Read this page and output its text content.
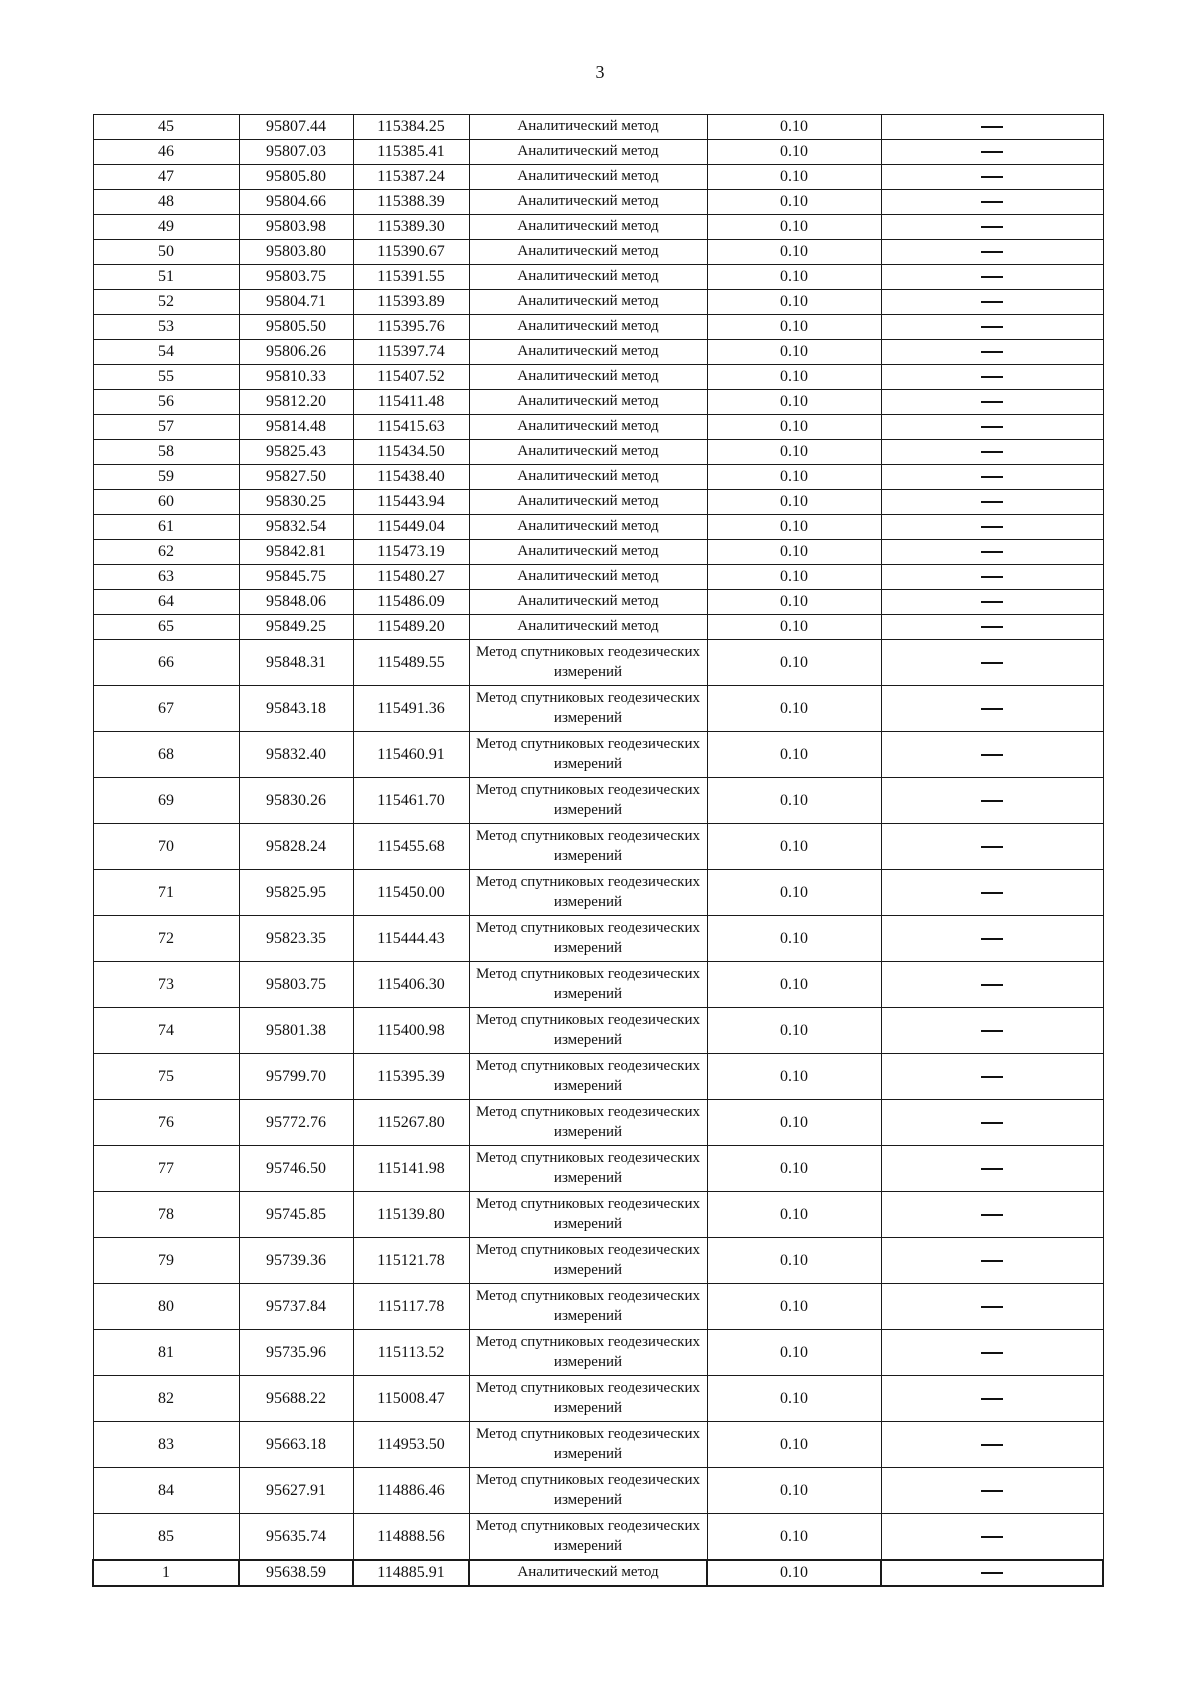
3
45	95807.44	115384.25	Аналитический метод	0.10	
46	95807.03	115385.41	Аналитический метод	0.10	
47	95805.80	115387.24	Аналитический метод	0.10	
48	95804.66	115388.39	Аналитический метод	0.10	
49	95803.98	115389.30	Аналитический метод	0.10	
50	95803.80	115390.67	Аналитический метод	0.10	
51	95803.75	115391.55	Аналитический метод	0.10	
52	95804.71	115393.89	Аналитический метод	0.10	
53	95805.50	115395.76	Аналитический метод	0.10	
54	95806.26	115397.74	Аналитический метод	0.10	
55	95810.33	115407.52	Аналитический метод	0.10	
56	95812.20	115411.48	Аналитический метод	0.10	
57	95814.48	115415.63	Аналитический метод	0.10	
58	95825.43	115434.50	Аналитический метод	0.10	
59	95827.50	115438.40	Аналитический метод	0.10	
60	95830.25	115443.94	Аналитический метод	0.10	
61	95832.54	115449.04	Аналитический метод	0.10	
62	95842.81	115473.19	Аналитический метод	0.10	
63	95845.75	115480.27	Аналитический метод	0.10	
64	95848.06	115486.09	Аналитический метод	0.10	
65	95849.25	115489.20	Аналитический метод	0.10	
66	95848.31	115489.55	Метод спутниковых геодезических измерений	0.10	
67	95843.18	115491.36	Метод спутниковых геодезических измерений	0.10	
68	95832.40	115460.91	Метод спутниковых геодезических измерений	0.10	
69	95830.26	115461.70	Метод спутниковых геодезических измерений	0.10	
70	95828.24	115455.68	Метод спутниковых геодезических измерений	0.10	
71	95825.95	115450.00	Метод спутниковых геодезических измерений	0.10	
72	95823.35	115444.43	Метод спутниковых геодезических измерений	0.10	
73	95803.75	115406.30	Метод спутниковых геодезических измерений	0.10	
74	95801.38	115400.98	Метод спутниковых геодезических измерений	0.10	
75	95799.70	115395.39	Метод спутниковых геодезических измерений	0.10	
76	95772.76	115267.80	Метод спутниковых геодезических измерений	0.10	
77	95746.50	115141.98	Метод спутниковых геодезических измерений	0.10	
78	95745.85	115139.80	Метод спутниковых геодезических измерений	0.10	
79	95739.36	115121.78	Метод спутниковых геодезических измерений	0.10	
80	95737.84	115117.78	Метод спутниковых геодезических измерений	0.10	
81	95735.96	115113.52	Метод спутниковых геодезических измерений	0.10	
82	95688.22	115008.47	Метод спутниковых геодезических измерений	0.10	
83	95663.18	114953.50	Метод спутниковых геодезических измерений	0.10	
84	95627.91	114886.46	Метод спутниковых геодезических измерений	0.10	
85	95635.74	114888.56	Метод спутниковых геодезических измерений	0.10	
1	95638.59	114885.91	Аналитический метод	0.10	
